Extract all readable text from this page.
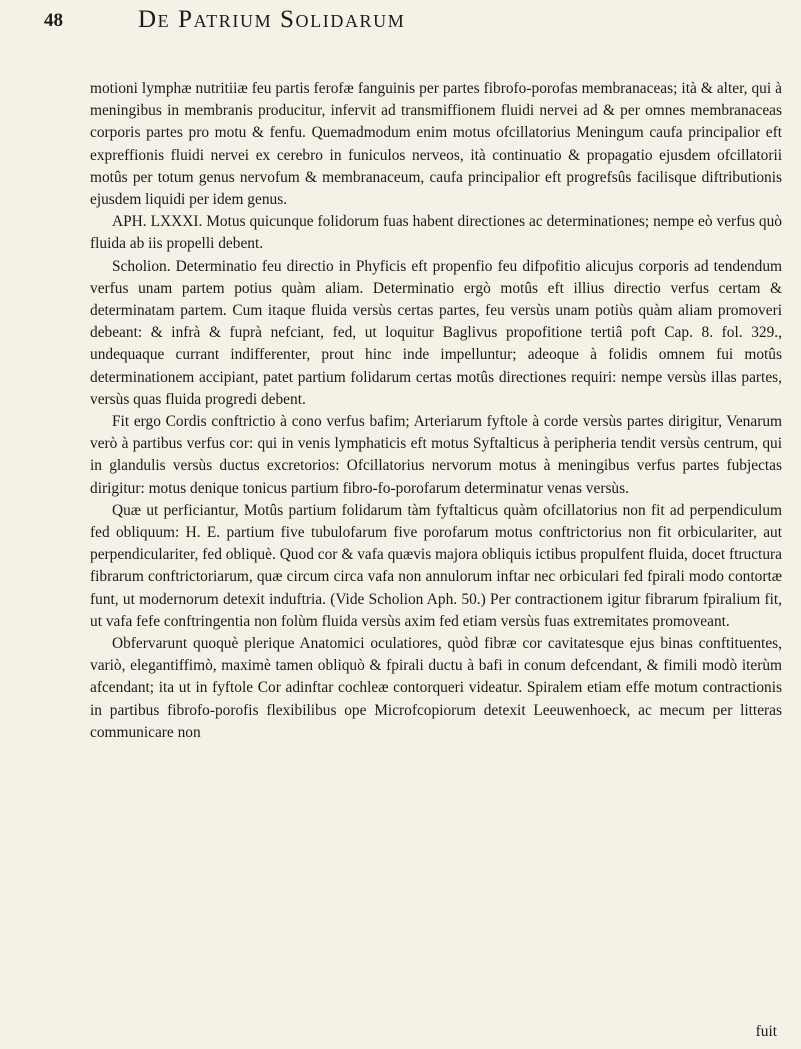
48	De Patrium Solidarum

motioni lymphæ nutritiiæ feu partis ferofæ fanguinis per partes fibrofo-porofas membranaceas; ità & alter, qui à meningibus in membranis producitur, infervit ad transmiffionem fluidi nervei ad & per omnes membranaceas corporis partes pro motu & fenfu. Quemadmodum enim motus ofcillatorius Meningum caufa principalior eft expreffionis fluidi nervei ex cerebro in funiculos nerveos, ità continuatio & propagatio ejusdem ofcillatorii motûs per totum genus nervofum & membranaceum, caufa principalior eft progrefsûs facilisque diftributionis ejusdem liquidi per idem genus.

APH. LXXXI. Motus quicunque folidorum fuas habent directiones ac determinationes; nempe eò verfus quò fluida ab iis propelli debent.

Scholion. Determinatio feu directio in Phyficis eft propenfio feu difpofitio alicujus corporis ad tendendum verfus unam partem potius quàm aliam. Determinatio ergò motûs eft illius directio verfus certam & determinatam partem. Cum itaque fluida versùs certas partes, feu versùs unam potiùs quàm aliam promoveri debeant: & infrà & fuprà nefciant, fed, ut loquitur Baglivus propofitione tertiâ poft Cap. 8. fol. 329., undequaque currant indifferenter, prout hinc inde impelluntur; adeoque à folidis omnem fui motûs determinationem accipiant, patet partium folidarum certas motûs directiones requiri: nempe versùs illas partes, versùs quas fluida progredi debent.

Fit ergo Cordis conftrictio à cono verfus bafim; Arteriarum fyftole à corde versùs partes dirigitur, Venarum verò à partibus verfus cor: qui in venis lymphaticis eft motus Syftalticus à peripheria tendit versùs centrum, qui in glandulis versùs ductus excretorios: Ofcillatorius nervorum motus à meningibus verfus partes fubjectas dirigitur: motus denique tonicus partium fibro-fo-porofarum determinatur venas versùs.

Quæ ut perficiantur, Motûs partium folidarum tàm fyftalticus quàm ofcillatorius non fit ad perpendiculum fed obliquum: H. E. partium five tubulofarum five porofarum motus conftrictorius non fit orbiculariter, aut perpendiculariter, fed obliquè. Quod cor & vafa quævis majora obliquis ictibus propulfent fluida, docet ftructura fibrarum conftrictoriarum, quæ circum circa vafa non annulorum inftar nec orbiculari fed fpirali modo contortæ funt, ut modernorum detexit induftria. (Vide Scholion Aph. 50.) Per contractionem igitur fibrarum fpiralium fit, ut vafa fefe conftringentia non folùm fluida versùs axim fed etiam versùs fuas extremitates promoveant.

Obfervarunt quoquè plerique Anatomici oculatiores, quòd fibræ cor cavitatesque ejus binas conftituentes, variò, elegantiffimò, maximè tamen obliquò & fpirali ductu à bafi in conum defcendant, & fimili modò iterùm afcendant; ita ut in fyftole Cor adinftar cochleæ contorqueri videatur. Spiralem etiam effe motum contractionis in partibus fibrofo-porofis flexibilibus ope Microfcopiorum detexit Leeuwenhoeck, ac mecum per litteras communicare non

fuit
